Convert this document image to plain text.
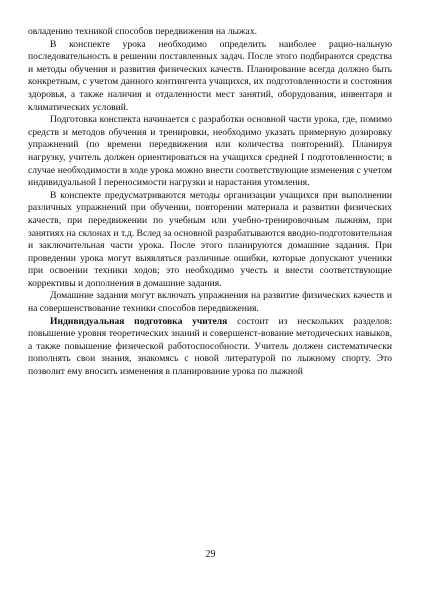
овладению техникой способов передвижения на лыжах.

В конспекте урока необходимо определить наиболее рацио-нальную последовательность в решении поставленных задач. После этого подбираются средства и методы обучения и развития физических качеств. Планирование всегда должно быть конкретным, с учетом данного контингента учащихся, их подготовленности и состояния здоровья, а также наличия и отдаленности мест занятий, оборудования, инвентаря и климатических условий.

Подготовка конспекта начинается с разработки основной части урока, где, помимо средств и методов обучения и тренировки, необходимо указать примерную дозировку упражнений (по времени передвижения или количества повторений). Планируя нагрузку, учитель должен ориентироваться на учащихся средней I подготовленности; в случае необходимости в ходе урока можно внести соответствующие изменения с учетом индивидуальной I переносимости нагрузки и нарастания утомления.

В конспекте предусматриваются методы организации учащихся при выполнении различных упражнений при обучении, повторении материала и развитии физических качеств, при передвижении по учебным или учебно-тренировочным лыжням, при занятиях на склонах и т.д. Вслед за основной разрабатываются вводно-подготовительная и заключительная части урока. После этого планируются домашние задания. При проведении урока могут выявляться различные ошибки, которые допускают ученики при освоении техники ходов; это необходимо учесть и внести соответствующие коррективы и дополнения в домашние задания.

Домашние задания могут включать упражнения на развитие физических качеств и на совершенствование техники способов передвижения.

Индивидуальная подготовка учителя состоит из нескольких разделов: повышение уровня теоретических знаний и совершенст-вование методических навыков, а также повышение физической работоспособности. Учитель должен систематически пополнять свои знания, знакомясь с новой литературой по лыжному спорту. Это позволит ему вносить изменения в планирование урока по лыжной

29
